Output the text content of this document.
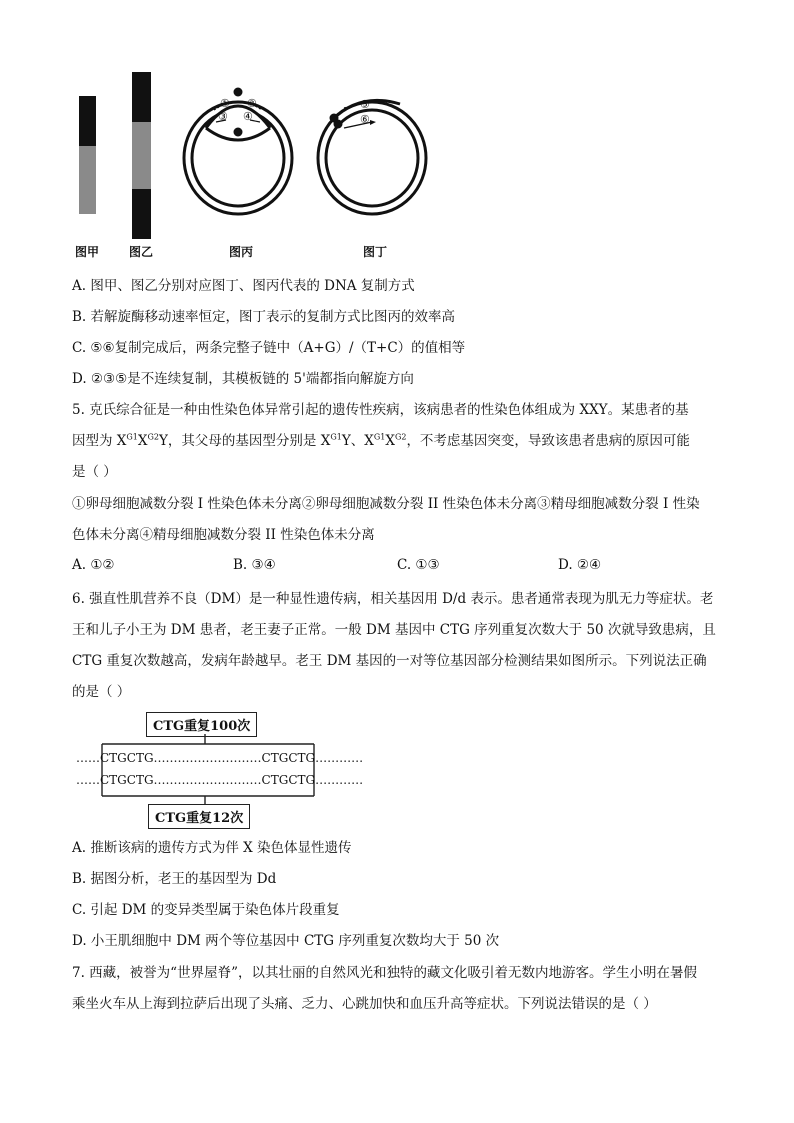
① ②
③ ④
⑤
⑥
图甲 图乙	图丙	图丁
A. 图甲、图乙分别对应图丁、图丙代表的 DNA 复制方式
B. 若解旋酶移动速率恒定，图丁表示的复制方式比图丙的效率高
C. ⑤⑥复制完成后，两条完整子链中（A+G）/（T+C）的值相等
D. ②③⑤是不连续复制，其模板链的 5'端都指向解旋方向
5. 克氏综合征是一种由性染色体异常引起的遗传性疾病，该病患者的性染色体组成为 XXY。某患者的基
因型为 $X^{G1}X^{G2}Y$，其父母的基因型分别是 $X^{G1}Y$、$X^{G1}X^{G2}$，不考虑基因突变，导致该患者患病的原因可能
是（ ）
①卵母细胞减数分裂 I 性染色体未分离②卵母细胞减数分裂 II 性染色体未分离③精母细胞减数分裂 I 性染
色体未分离④精母细胞减数分裂 II 性染色体未分离
A. ①②	B. ③④	C. ①③	D. ②④
6. 强直性肌营养不良（DM）是一种显性遗传病，相关基因用 D/d 表示。患者通常表现为肌无力等症状。老
王和儿子小王为 DM 患者，老王妻子正常。一般 DM 基因中 CTG 序列重复次数大于 50 次就导致患病，且
CTG 重复次数越高，发病年龄越早。老王 DM 基因的一对等位基因部分检测结果如图所示。下列说法正确
的是（ ）
CTG重复100次
……CTGCTG………………………CTGCTG…………
……CTGCTG………………………CTGCTG…………
CTG重复12次
A. 推断该病的遗传方式为伴 X 染色体显性遗传
B. 据图分析，老王的基因型为 Dd
C. 引起 DM 的变异类型属于染色体片段重复
D. 小王肌细胞中 DM 两个等位基因中 CTG 序列重复次数均大于 50 次
7. 西藏，被誉为“世界屋脊”，以其壮丽的自然风光和独特的藏文化吸引着无数内地游客。学生小明在暑假
乘坐火车从上海到拉萨后出现了头痛、乏力、心跳加快和血压升高等症状。下列说法错误的是（ ）
